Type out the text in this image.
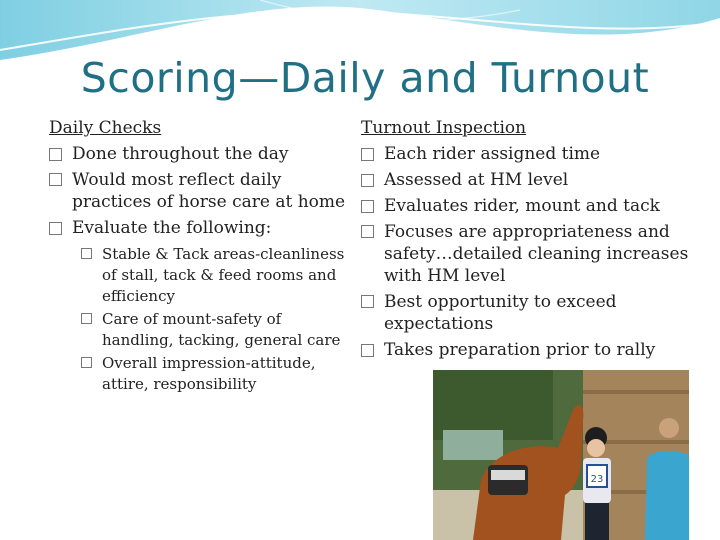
Scoring—Daily and Turnout
Daily Checks
Done throughout the day
Would most reflect daily practices of horse care at home
Evaluate the following:
Stable & Tack areas-cleanliness of stall, tack & feed rooms and efficiency
Care of mount-safety of handling, tacking, general care
Overall impression-attitude, attire, responsibility
Turnout Inspection
Each rider assigned time
Assessed at HM level
Evaluates rider, mount and tack
Focuses are appropriateness and safety…detailed cleaning increases with HM level
Best opportunity to exceed expectations
Takes preparation prior to rally
23
